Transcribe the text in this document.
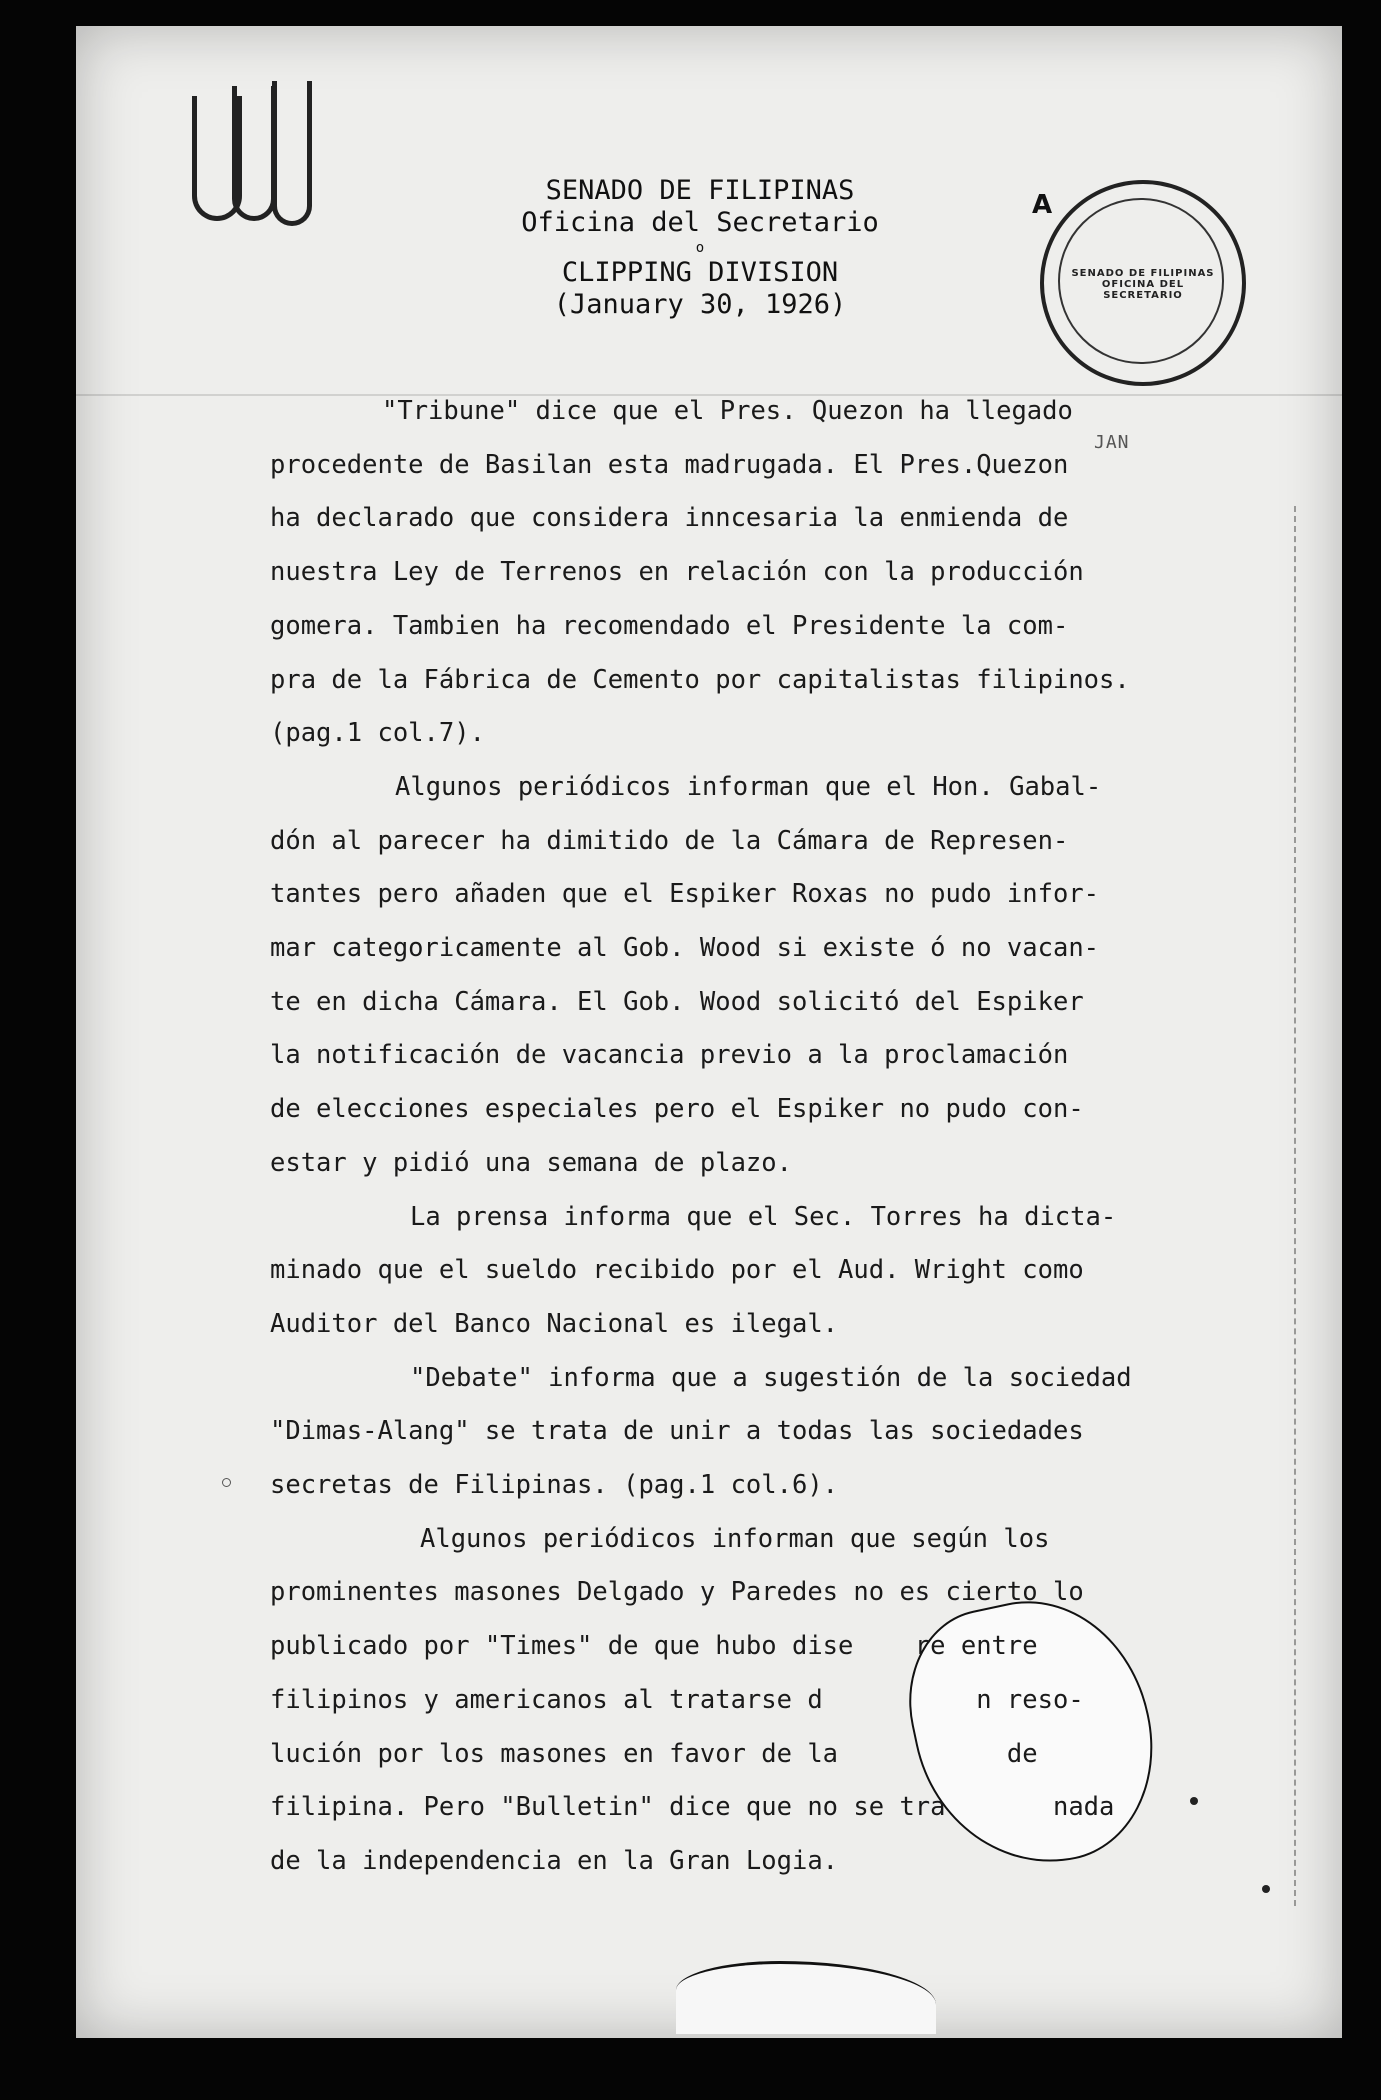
SENADO DE FILIPINAS
Oficina del Secretario
o
CLIPPING DIVISION
(January 30, 1926)
A
SENADO DE FILIPINAS OFICINA DEL SECRETARIO
JAN
"Tribune" dice que el Pres. Quezon ha llegado
procedente de Basilan esta madrugada. El Pres.Quezon
ha declarado que considera inncesaria la enmienda de
nuestra Ley de Terrenos en relación con la producción
gomera. Tambien ha recomendado el Presidente la com-
pra de la Fábrica de Cemento por capitalistas filipinos.
(pag.1 col.7).
Algunos periódicos informan que el Hon. Gabal-
dón al parecer ha dimitido de la Cámara de Represen-
tantes pero añaden que el Espiker Roxas no pudo infor-
mar categoricamente al Gob. Wood si existe ó no vacan-
te en dicha Cámara. El Gob. Wood solicitó del Espiker
la notificación de vacancia previo a la proclamación
de elecciones especiales pero el Espiker no pudo con-
estar y pidió una semana de plazo.
La prensa informa que el Sec. Torres ha dicta-
minado que el sueldo recibido por el Aud. Wright como
Auditor del Banco Nacional es ilegal.
"Debate" informa que a sugestión de la sociedad
"Dimas-Alang" se trata de unir a todas las sociedades
secretas de Filipinas. (pag.1 col.6).
Algunos periódicos informan que según los
prominentes masones Delgado y Paredes no es cierto lo
publicado por "Times" de que hubo dise    re entre
filipinos y americanos al tratarse d          n reso-
lución por los masones en favor de la           de
filipina. Pero "Bulletin" dice que no se tra       nada
de la independencia en la Gran Logia.
